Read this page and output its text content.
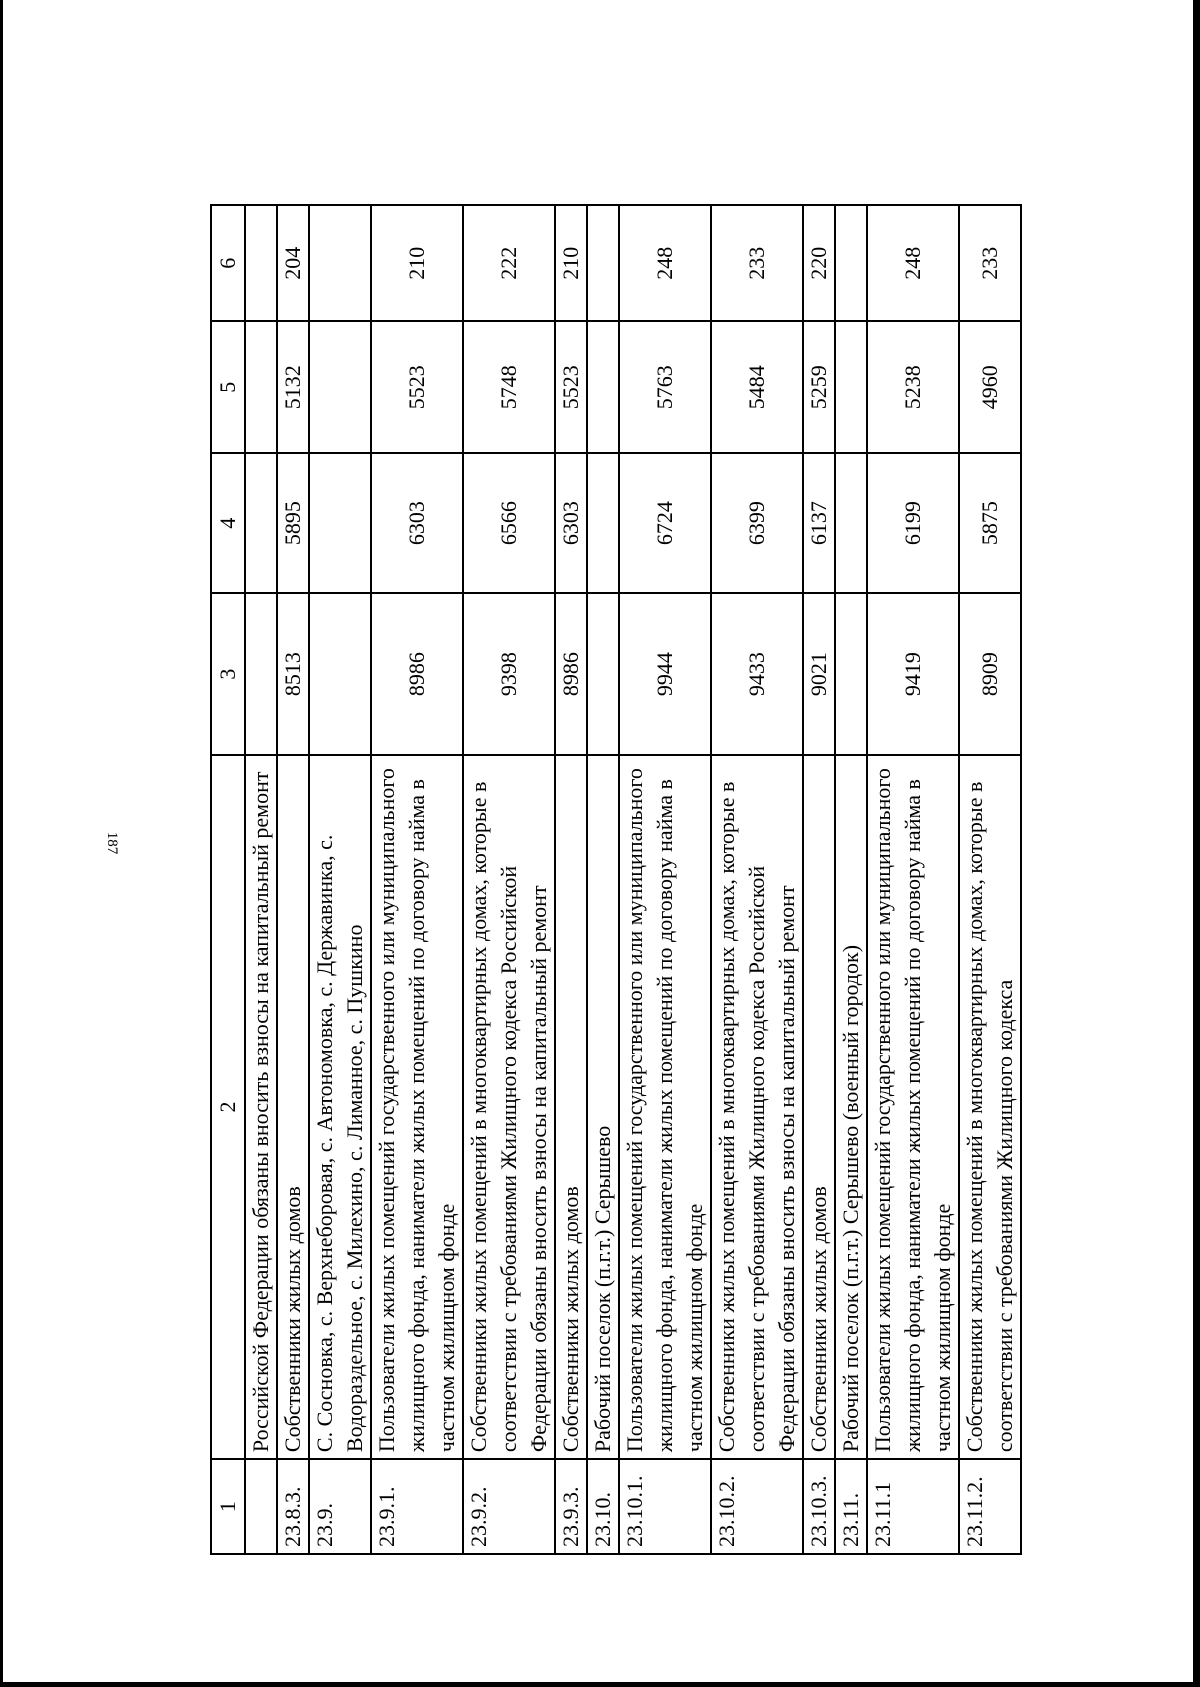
187
1	2	3	4	5	6
	Российской Федерации обязаны вносить взносы на капитальный ремонт				
23.8.3.	Собственники жилых домов	8513	5895	5132	204
23.9.	С. Сосновка, с. Верхнеборовая, с. Автономовка, с. Державинка, с. Водораздельное, с. Милехино, с. Лиманное, с. Пушкино				
23.9.1.	Пользователи жилых помещений государственного или муниципального жилищного фонда, наниматели жилых помещений по договору найма в частном жилищном фонде	8986	6303	5523	210
23.9.2.	Собственники жилых помещений в многоквартирных домах, которые в соответствии с требованиями Жилищного кодекса Российской Федерации обязаны вносить взносы на капитальный ремонт	9398	6566	5748	222
23.9.3.	Собственники жилых домов	8986	6303	5523	210
23.10.	Рабочий поселок (п.г.т.) Серышево				
23.10.1.	Пользователи жилых помещений государственного или муниципального жилищного фонда, наниматели жилых помещений по договору найма в частном жилищном фонде	9944	6724	5763	248
23.10.2.	Собственники жилых помещений в многоквартирных домах, которые в соответствии с требованиями Жилищного кодекса Российской Федерации обязаны вносить взносы на капитальный ремонт	9433	6399	5484	233
23.10.3.	Собственники жилых домов	9021	6137	5259	220
23.11.	Рабочий поселок (п.г.т.) Серышево (военный городок)				
23.11.1	Пользователи жилых помещений государственного или муниципального жилищного фонда, наниматели жилых помещений по договору найма в частном жилищном фонде	9419	6199	5238	248
23.11.2.	Собственники жилых помещений в многоквартирных домах, которые в соответствии с требованиями Жилищного кодекса	8909	5875	4960	233
